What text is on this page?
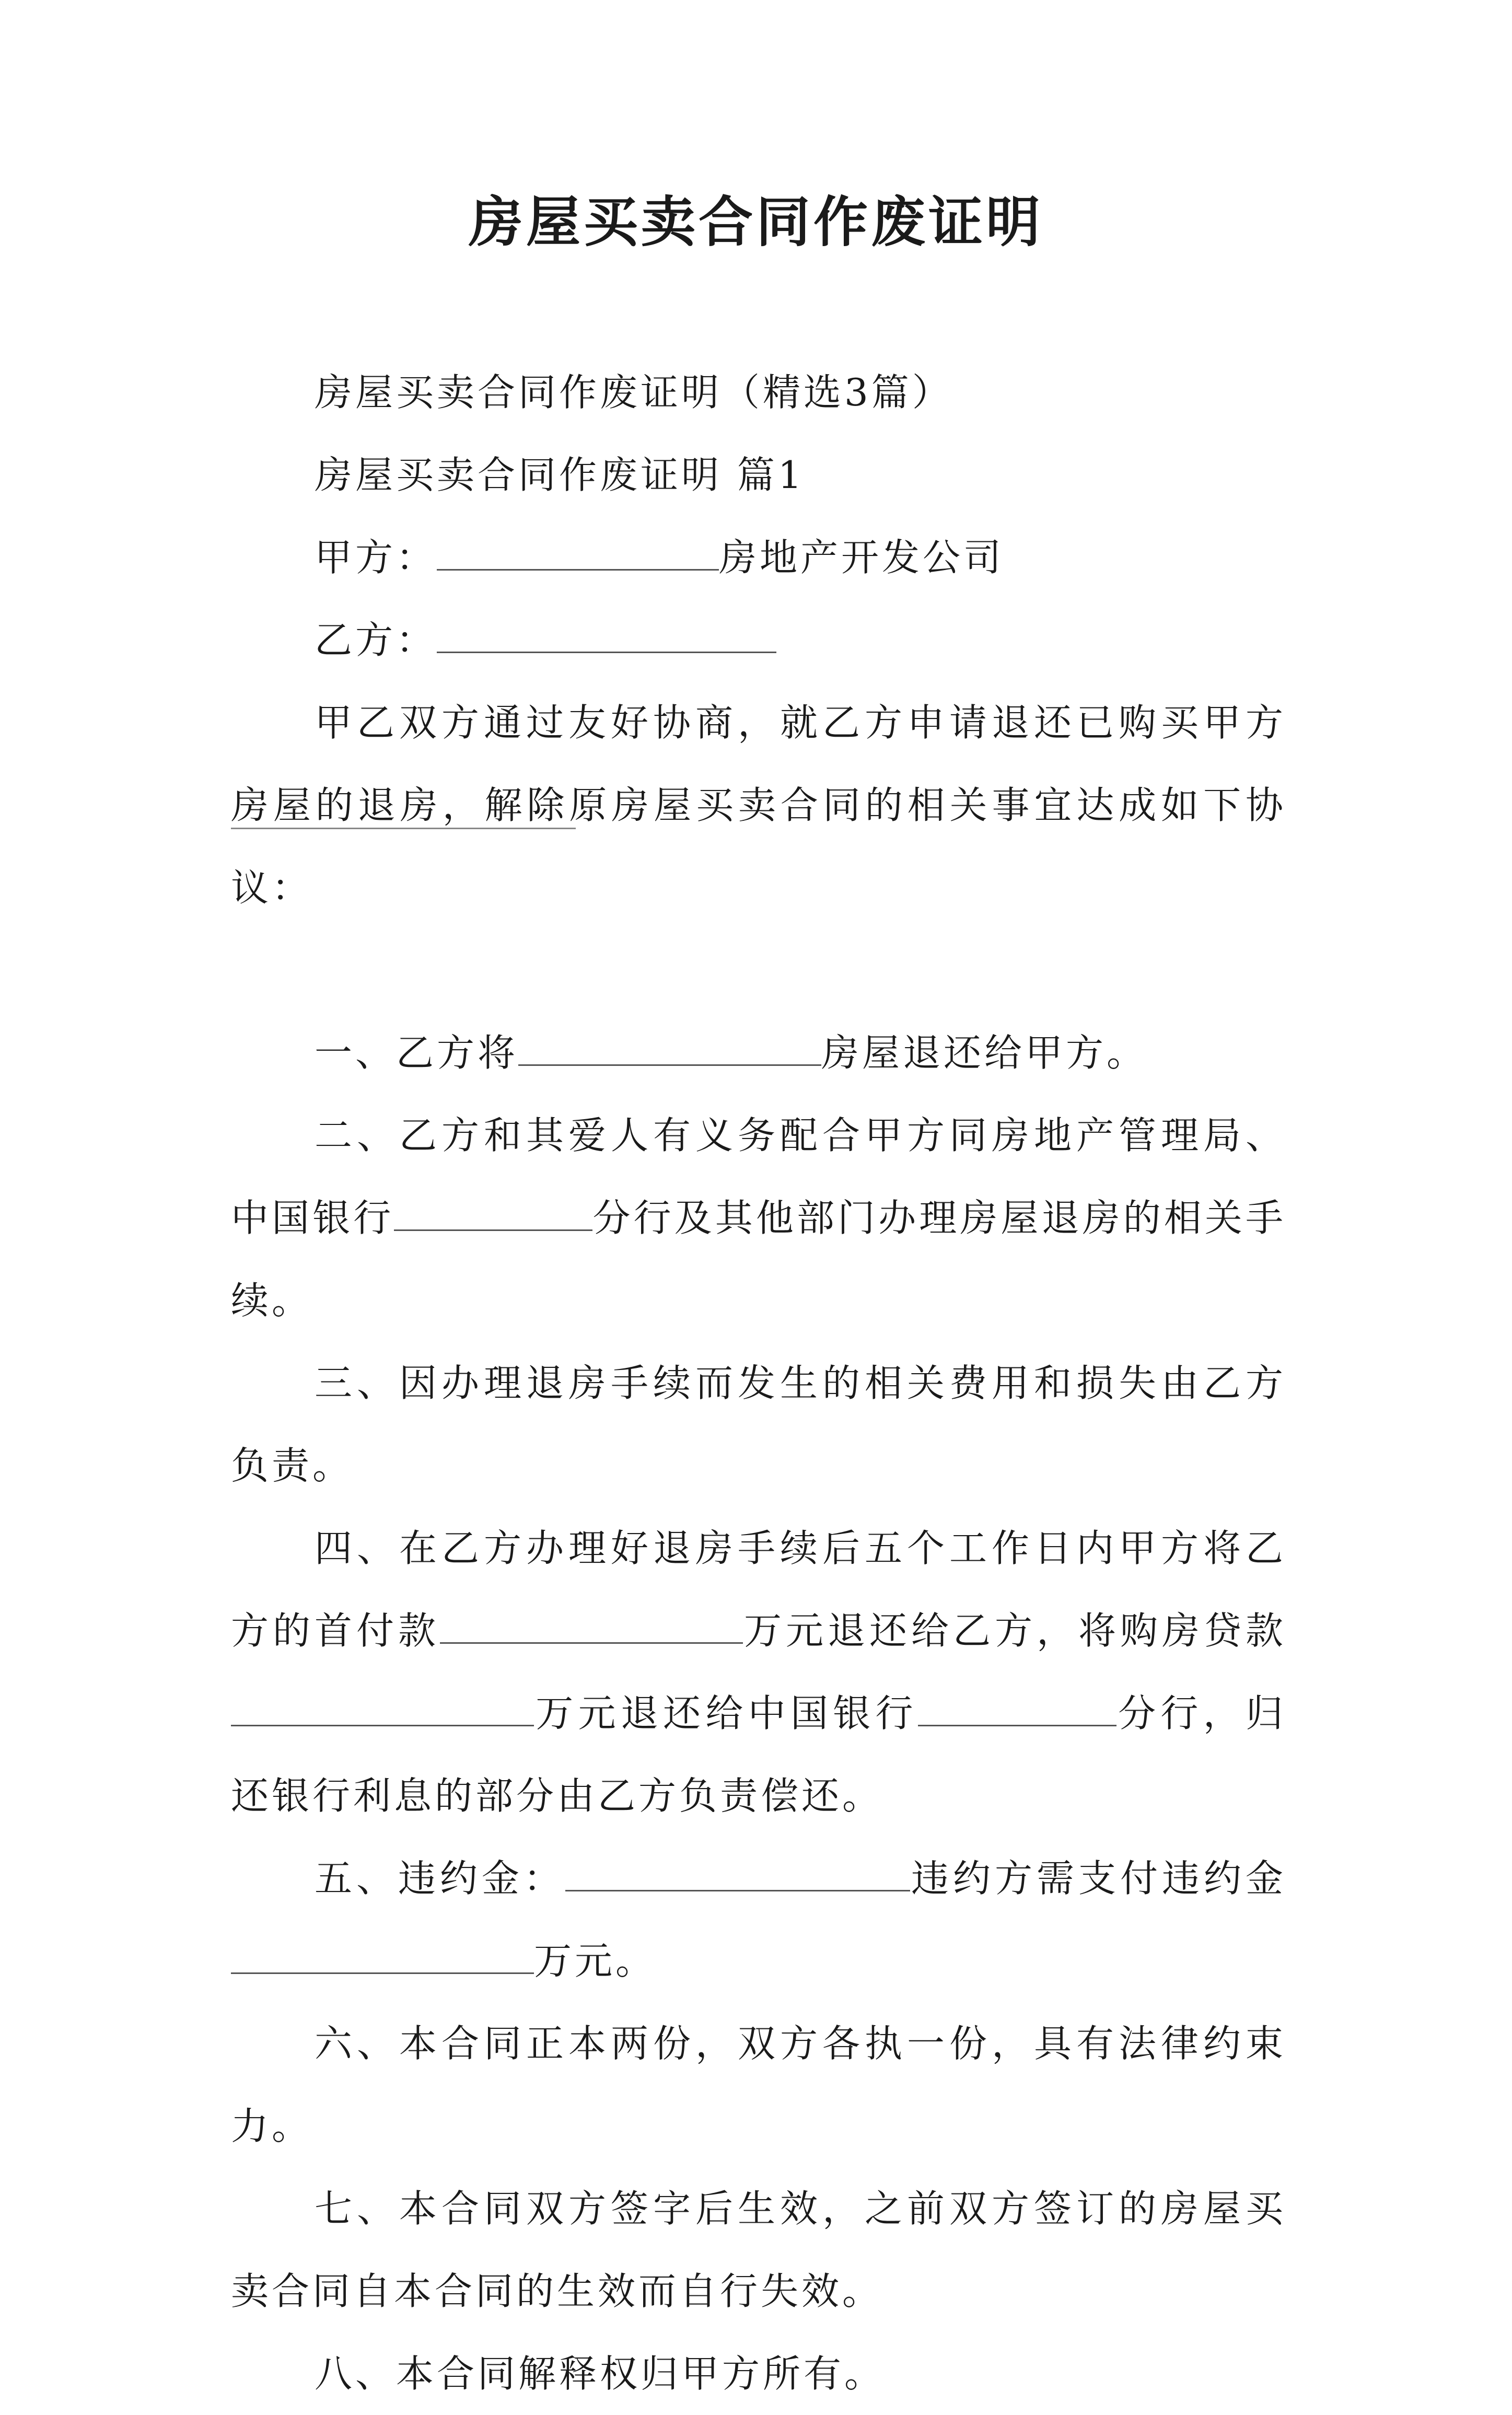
房屋买卖合同作废证明

房屋买卖合同作废证明（精选3篇）

房屋买卖合同作废证明 篇1

甲方：	房地产开发公司

乙方：

甲乙双方通过友好协商，就乙方申请退还已购买甲方房屋的退房，解除原房屋买卖合同的相关事宜达成如下协议：

一、乙方将	房屋退还给甲方。

二、乙方和其爱人有义务配合甲方同房地产管理局、中国银行	分行及其他部门办理房屋退房的相关手续。

三、因办理退房手续而发生的相关费用和损失由乙方负责。

四、在乙方办理好退房手续后五个工作日内甲方将乙方的首付款	万元退还给乙方，将购房贷款万元退还给中国银行	分行，归还银行利息的部分由乙方负责偿还。

五、违约金：	违约方需支付违约金万元。

六、本合同正本两份，双方各执一份，具有法律约束力。

七、本合同双方签字后生效，之前双方签订的房屋买卖合同自本合同的生效而自行失效。

八、本合同解释权归甲方所有。
